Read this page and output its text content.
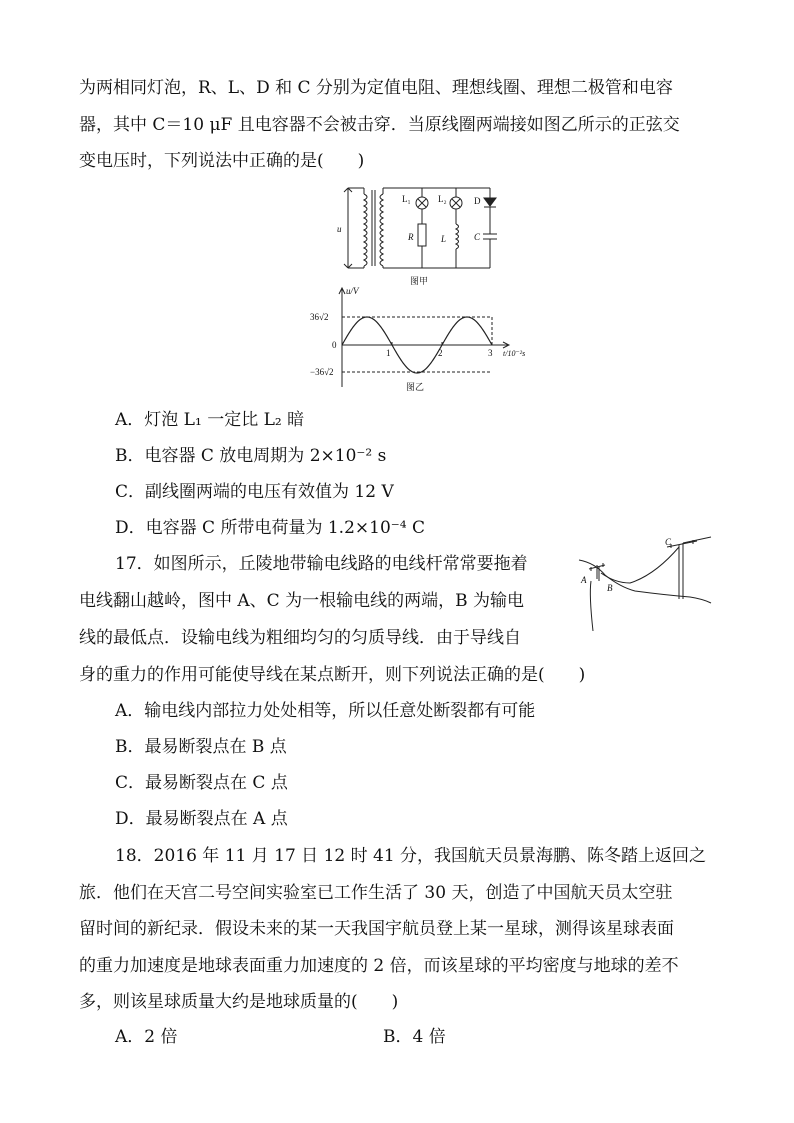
为两相同灯泡，R、L、D 和 C 分别为定值电阻、理想线圈、理想二极管和电容
器，其中 C＝10 μF 且电容器不会被击穿．当原线圈两端接如图乙所示的正弦交
变电压时，下列说法中正确的是(　　)
u
L₁	L₂	D
R	L	C
图甲
u/V
36√2
0
−36√2
1	2	3 t/10⁻²s
图乙
A．灯泡 L₁ 一定比 L₂ 暗
B．电容器 C 放电周期为 2×10⁻² s
C．副线圈两端的电压有效值为 12 V
D．电容器 C 所带电荷量为 1.2×10⁻⁴ C
17．如图所示，丘陵地带输电线路的电线杆常常要拖着
电线翻山越岭，图中 A、C 为一根输电线的两端，B 为输电
线的最低点．设输电线为粗细均匀的匀质导线．由于导线自
身的重力的作用可能使导线在某点断开，则下列说法正确的是(　　)
A
B
C
A．输电线内部拉力处处相等，所以任意处断裂都有可能
B．最易断裂点在 B 点
C．最易断裂点在 C 点
D．最易断裂点在 A 点
18．2016 年 11 月 17 日 12 时 41 分，我国航天员景海鹏、陈冬踏上返回之
旅．他们在天宫二号空间实验室已工作生活了 30 天，创造了中国航天员太空驻
留时间的新纪录．假设未来的某一天我国宇航员登上某一星球，测得该星球表面
的重力加速度是地球表面重力加速度的 2 倍，而该星球的平均密度与地球的差不
多，则该星球质量大约是地球质量的(　　)
A．2 倍	B．4 倍
